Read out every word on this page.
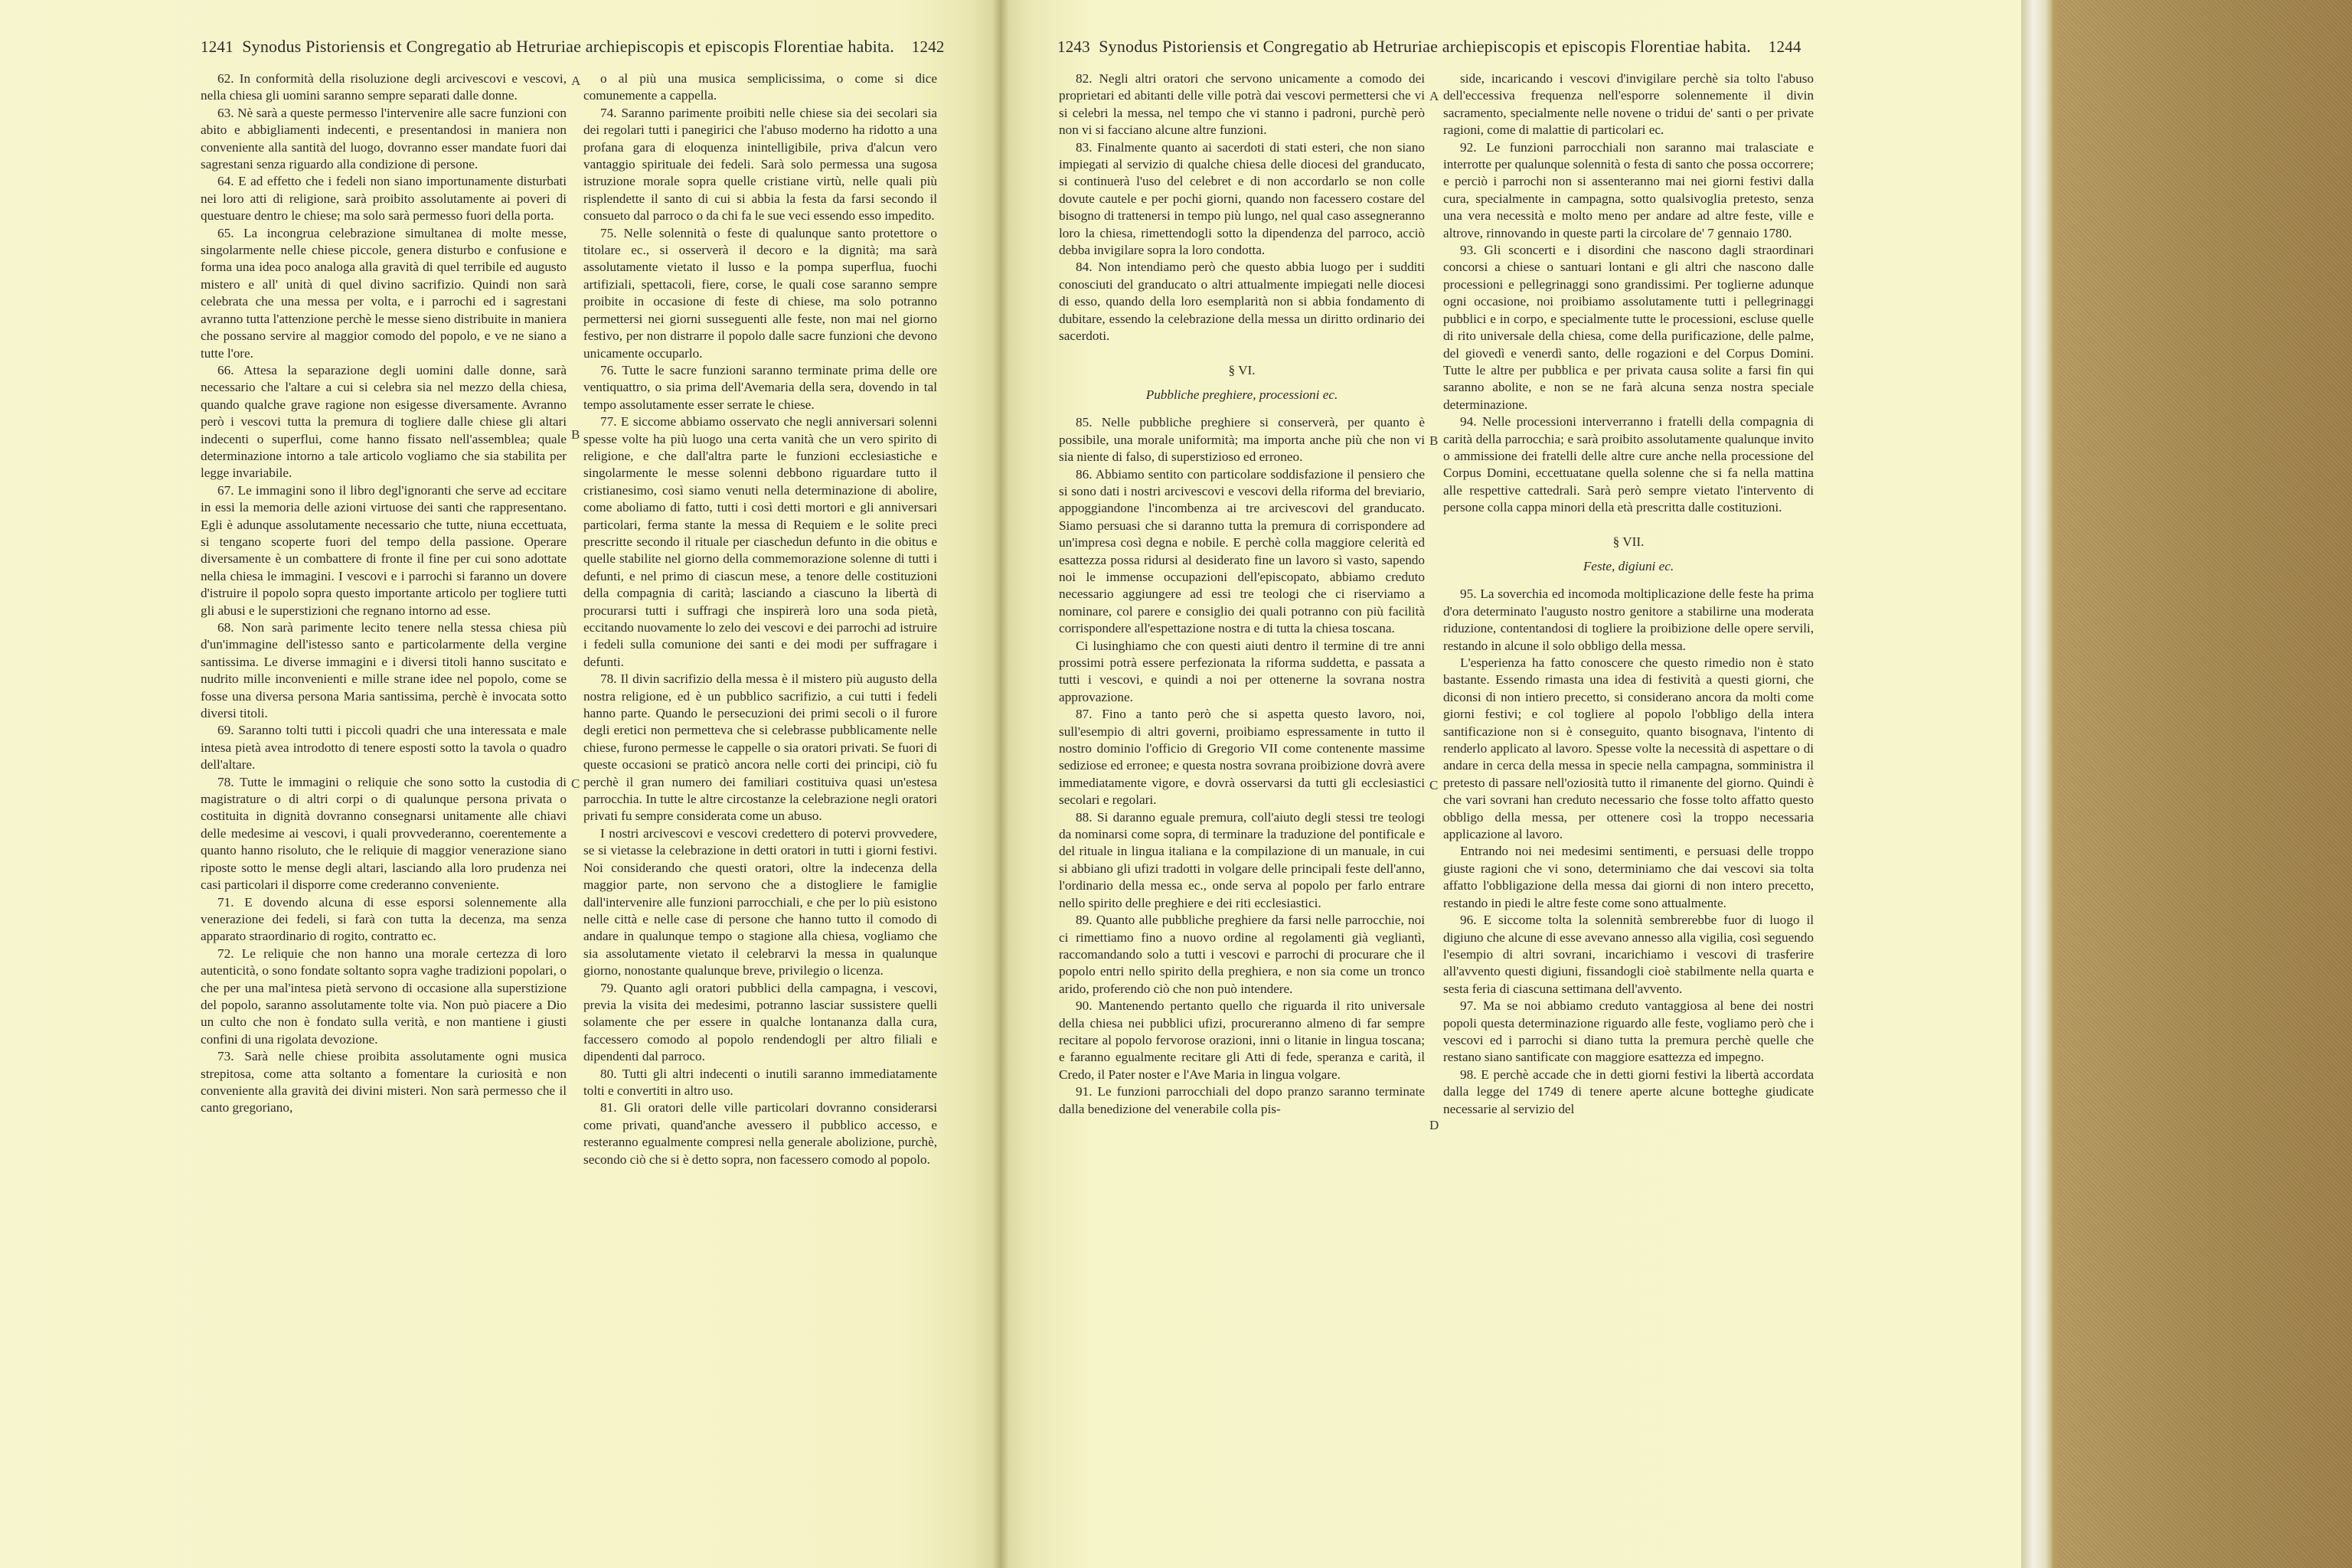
1241 Synodus Pistoriensis et Congregatio ab Hetruriae archiepiscopis et episcopis Florentiae habita. 1242

62. In conformità della risoluzione degli arcivescovi e vescovi, nella chiesa gli uomini saranno sempre separati dalle donne.

63. Nè sarà a queste permesso l'intervenire alle sacre funzioni con abito e abbigliamenti indecenti, e presentandosi in maniera non conveniente alla santità del luogo, dovranno esser mandate fuori dai sagrestani senza riguardo alla condizione di persone.

64. E ad effetto che i fedeli non siano importunamente disturbati nei loro atti di religione, sarà proibito assolutamente ai poveri di questuare dentro le chiese; ma solo sarà permesso fuori della porta.

65. La incongrua celebrazione simultanea di molte messe, singolarmente nelle chiese piccole, genera disturbo e confusione e forma una idea poco analoga alla gravità di quel terribile ed augusto mistero e all' unità di quel divino sacrifizio. Quindi non sarà celebrata che una messa per volta, e i parrochi ed i sagrestani avranno tutta l'attenzione perchè le messe sieno distribuite in maniera che possano servire al maggior comodo del popolo, e ve ne siano a tutte l'ore.

66. Attesa la separazione degli uomini dalle donne, sarà necessario che l'altare a cui si celebra sia nel mezzo della chiesa, quando qualche grave ragione non esigesse diversamente. Avranno però i vescovi tutta la premura di togliere dalle chiese gli altari indecenti o superflui, come hanno fissato nell'assemblea; quale determinazione intorno a tale articolo vogliamo che sia stabilita per legge invariabile.

67. Le immagini sono il libro degl'ignoranti che serve ad eccitare in essi la memoria delle azioni virtuose dei santi che rappresentano. Egli è adunque assolutamente necessario che tutte, niuna eccettuata, si tengano scoperte fuori del tempo della passione. Operare diversamente è un combattere di fronte il fine per cui sono adottate nella chiesa le immagini. I vescovi e i parrochi si faranno un dovere d'istruire il popolo sopra questo importante articolo per togliere tutti gli abusi e le superstizioni che regnano intorno ad esse.

68. Non sarà parimente lecito tenere nella stessa chiesa più d'un'immagine dell'istesso santo e particolarmente della vergine santissima. Le diverse immagini e i diversi titoli hanno suscitato e nudrito mille inconvenienti e mille strane idee nel popolo, come se fosse una diversa persona Maria santissima, perchè è invocata sotto diversi titoli.

69. Saranno tolti tutti i piccoli quadri che una interessata e male intesa pietà avea introdotto di tenere esposti sotto la tavola o quadro dell'altare.

78. Tutte le immagini o reliquie che sono sotto la custodia di magistrature o di altri corpi o di qualunque persona privata o costituita in dignità dovranno consegnarsi unitamente alle chiavi delle medesime ai vescovi, i quali provvederanno, coerentemente a quanto hanno risoluto, che le reliquie di maggior venerazione siano riposte sotto le mense degli altari, lasciando alla loro prudenza nei casi particolari il disporre come crederanno conveniente.

71. E dovendo alcuna di esse esporsi solennemente alla venerazione dei fedeli, si farà con tutta la decenza, ma senza apparato straordinario di rogito, contratto ec.

72. Le reliquie che non hanno una morale certezza di loro autenticità, o sono fondate soltanto sopra vaghe tradizioni popolari, o che per una mal'intesa pietà servono di occasione alla superstizione del popolo, saranno assolutamente tolte via. Non può piacere a Dio un culto che non è fondato sulla verità, e non mantiene i giusti confini di una rigolata devozione.

73. Sarà nelle chiese proibita assolutamente ogni musica strepitosa, come atta soltanto a fomentare la curiosità e non conveniente alla gravità dei divini misteri. Non sarà permesso che il canto gregoriano,

o al più una musica semplicissima, o come si dice comunemente a cappella.

74. Saranno parimente proibiti nelle chiese sia dei secolari sia dei regolari tutti i panegirici che l'abuso moderno ha ridotto a una profana gara di eloquenza inintelligibile, priva d'alcun vero vantaggio spirituale dei fedeli. Sarà solo permessa una sugosa istruzione morale sopra quelle cristiane virtù, nelle quali più risplendette il santo di cui si abbia la festa da farsi secondo il consueto dal parroco o da chi fa le sue veci essendo esso impedito.

75. Nelle solennità o feste di qualunque santo protettore o titolare ec., si osserverà il decoro e la dignità; ma sarà assolutamente vietato il lusso e la pompa superflua, fuochi artifiziali, spettacoli, fiere, corse, le quali cose saranno sempre proibite in occasione di feste di chiese, ma solo potranno permettersi nei giorni susseguenti alle feste, non mai nel giorno festivo, per non distrarre il popolo dalle sacre funzioni che devono unicamente occuparlo.

76. Tutte le sacre funzioni saranno terminate prima delle ore ventiquattro, o sia prima dell'Avemaria della sera, dovendo in tal tempo assolutamente esser serrate le chiese.

77. E siccome abbiamo osservato che negli anniversari solenni spesse volte ha più luogo una certa vanità che un vero spirito di religione, e che dall'altra parte le funzioni ecclesiastiche e singolarmente le messe solenni debbono riguardare tutto il cristianesimo, così siamo venuti nella determinazione di abolire, come aboliamo di fatto, tutti i così detti mortori e gli anniversari particolari, ferma stante la messa di Requiem e le solite preci prescritte secondo il rituale per ciaschedun defunto in die obitus e quelle stabilite nel giorno della commemorazione solenne di tutti i defunti, e nel primo di ciascun mese, a tenore delle costituzioni della compagnia di carità; lasciando a ciascuno la libertà di procurarsi tutti i suffragi che inspirerà loro una soda pietà, eccitando nuovamente lo zelo dei vescovi e dei parrochi ad istruire i fedeli sulla comunione dei santi e dei modi per suffragare i defunti.

78. Il divin sacrifizio della messa è il mistero più augusto della nostra religione, ed è un pubblico sacrifizio, a cui tutti i fedeli hanno parte. Quando le persecuzioni dei primi secoli o il furore degli eretici non permetteva che si celebrasse pubblicamente nelle chiese, furono permesse le cappelle o sia oratori privati. Se fuori di queste occasioni se praticò ancora nelle corti dei principi, ciò fu perchè il gran numero dei familiari costituiva quasi un'estesa parrocchia. In tutte le altre circostanze la celebrazione negli oratori privati fu sempre considerata come un abuso.

I nostri arcivescovi e vescovi credettero di potervi provvedere, se si vietasse la celebrazione in detti oratori in tutti i giorni festivi. Noi considerando che questi oratori, oltre la indecenza della maggior parte, non servono che a distogliere le famiglie dall'intervenire alle funzioni parrocchiali, e che per lo più esistono nelle città e nelle case di persone che hanno tutto il comodo di andare in qualunque tempo o stagione alla chiesa, vogliamo che sia assolutamente vietato il celebrarvi la messa in qualunque giorno, nonostante qualunque breve, privilegio o licenza.

79. Quanto agli oratori pubblici della campagna, i vescovi, previa la visita dei medesimi, potranno lasciar sussistere quelli solamente che per essere in qualche lontananza dalla cura, faccessero comodo al popolo rendendogli per altro filiali e dipendenti dal parroco.

80. Tutti gli altri indecenti o inutili saranno immediatamente tolti e convertiti in altro uso.

81. Gli oratori delle ville particolari dovranno considerarsi come privati, quand'anche avessero il pubblico accesso, e resteranno egualmente compresi nella generale abolizione, purchè, secondo ciò che si è detto sopra, non facessero comodo al popolo.

A
B
C
1243 Synodus Pistoriensis et Congregatio ab Hetruriae archiepiscopis et episcopis Florentiae habita. 1244

82. Negli altri oratori che servono unicamente a comodo dei proprietari ed abitanti delle ville potrà dai vescovi permettersi che vi si celebri la messa, nel tempo che vi stanno i padroni, purchè però non vi si facciano alcune altre funzioni.

83. Finalmente quanto ai sacerdoti di stati esteri, che non siano impiegati al servizio di qualche chiesa delle diocesi del granducato, si continuerà l'uso del celebret e di non accordarlo se non colle dovute cautele e per pochi giorni, quando non facessero costare del bisogno di trattenersi in tempo più lungo, nel qual caso assegneranno loro la chiesa, rimettendogli sotto la dipendenza del parroco, acciò debba invigilare sopra la loro condotta.

84. Non intendiamo però che questo abbia luogo per i sudditi conosciuti del granducato o altri attualmente impiegati nelle diocesi di esso, quando della loro esemplarità non si abbia fondamento di dubitare, essendo la celebrazione della messa un diritto ordinario dei sacerdoti.

§ VI.

Pubbliche preghiere, processioni ec.

85. Nelle pubbliche preghiere si conserverà, per quanto è possibile, una morale uniformità; ma importa anche più che non vi sia niente di falso, di superstizioso ed erroneo.

86. Abbiamo sentito con particolare soddisfazione il pensiero che si sono dati i nostri arcivescovi e vescovi della riforma del breviario, appoggiandone l'incombenza ai tre arcivescovi del granducato. Siamo persuasi che si daranno tutta la premura di corrispondere ad un'impresa così degna e nobile. E perchè colla maggiore celerità ed esattezza possa ridursi al desiderato fine un lavoro sì vasto, sapendo noi le immense occupazioni dell'episcopato, abbiamo creduto necessario aggiungere ad essi tre teologi che ci riserviamo a nominare, col parere e consiglio dei quali potranno con più facilità corrispondere all'espettazione nostra e di tutta la chiesa toscana.

Ci lusinghiamo che con questi aiuti dentro il termine di tre anni prossimi potrà essere perfezionata la riforma suddetta, e passata a tutti i vescovi, e quindi a noi per ottenerne la sovrana nostra approvazione.

87. Fino a tanto però che si aspetta questo lavoro, noi, sull'esempio di altri governi, proibiamo espressamente in tutto il nostro dominio l'officio di Gregorio VII come contenente massime sediziose ed erronee; e questa nostra sovrana proibizione dovrà avere immediatamente vigore, e dovrà osservarsi da tutti gli ecclesiastici secolari e regolari.

88. Si daranno eguale premura, coll'aiuto degli stessi tre teologi da nominarsi come sopra, di terminare la traduzione del pontificale e del rituale in lingua italiana e la compilazione di un manuale, in cui si abbiano gli ufizi tradotti in volgare delle principali feste dell'anno, l'ordinario della messa ec., onde serva al popolo per farlo entrare nello spirito delle preghiere e dei riti ecclesiastici.

89. Quanto alle pubbliche preghiere da farsi nelle parrocchie, noi ci rimettiamo fino a nuovo ordine al regolamenti già vegliantì, raccomandando solo a tutti i vescovi e parrochi di procurare che il popolo entri nello spirito della preghiera, e non sia come un tronco arido, proferendo ciò che non può intendere.

90. Mantenendo pertanto quello che riguarda il rito universale della chiesa nei pubblici ufizi, procureranno almeno di far sempre recitare al popolo fervorose orazioni, inni o litanie in lingua toscana; e faranno egualmente recitare gli Atti di fede, speranza e carità, il Credo, il Pater noster e l'Ave Maria in lingua volgare.

91. Le funzioni parrocchiali del dopo pranzo saranno terminate dalla benedizione del venerabile colla pis-

side, incaricando i vescovi d'invigilare perchè sia tolto l'abuso dell'eccessiva frequenza nell'esporre solennemente il divin sacramento, specialmente nelle novene o tridui de' santi o per private ragioni, come di malattie di particolari ec.

92. Le funzioni parrocchiali non saranno mai tralasciate e interrotte per qualunque solennità o festa di santo che possa occorrere; e perciò i parrochi non si assenteranno mai nei giorni festivi dalla cura, specialmente in campagna, sotto qualsivoglia pretesto, senza una vera necessità e molto meno per andare ad altre feste, ville e altrove, rinnovando in queste parti la circolare de' 7 gennaio 1780.

93. Gli sconcerti e i disordini che nascono dagli straordinari concorsi a chiese o santuari lontani e gli altri che nascono dalle processioni e pellegrinaggi sono grandissimi. Per toglierne adunque ogni occasione, noi proibiamo assolutamente tutti i pellegrinaggi pubblici e in corpo, e specialmente tutte le processioni, escluse quelle di rito universale della chiesa, come della purificazione, delle palme, del giovedì e venerdì santo, delle rogazioni e del Corpus Domini. Tutte le altre per pubblica e per privata causa solite a farsi fin qui saranno abolite, e non se ne farà alcuna senza nostra speciale determinazione.

94. Nelle processioni interverranno i fratelli della compagnia di carità della parrocchia; e sarà proibito assolutamente qualunque invito o ammissione dei fratelli delle altre cure anche nella processione del Corpus Domini, eccettuatane quella solenne che si fa nella mattina alle respettive cattedrali. Sarà però sempre vietato l'intervento di persone colla cappa minori della età prescritta dalle costituzioni.

§ VII.

Feste, digiuni ec.

95. La soverchia ed incomoda moltiplicazione delle feste ha prima d'ora determinato l'augusto nostro genitore a stabilirne una moderata riduzione, contentandosi di togliere la proibizione delle opere servili, restando in alcune il solo obbligo della messa.

L'esperienza ha fatto conoscere che questo rimedio non è stato bastante. Essendo rimasta una idea di festività a questi giorni, che diconsi di non intiero precetto, si considerano ancora da molti come giorni festivi; e col togliere al popolo l'obbligo della intera santificazione non si è conseguito, quanto bisognava, l'intento di renderlo applicato al lavoro. Spesse volte la necessità di aspettare o di andare in cerca della messa in specie nella campagna, somministra il pretesto di passare nell'oziosità tutto il rimanente del giorno. Quindi è che vari sovrani han creduto necessario che fosse tolto affatto questo obbligo della messa, per ottenere così la troppo necessaria applicazione al lavoro.

Entrando noi nei medesimi sentimenti, e persuasi delle troppo giuste ragioni che vi sono, determiniamo che dai vescovi sia tolta affatto l'obbligazione della messa dai giorni di non intero precetto, restando in piedi le altre feste come sono attualmente.

96. E siccome tolta la solennità sembrerebbe fuor di luogo il digiuno che alcune di esse avevano annesso alla vigilia, così seguendo l'esempio di altri sovrani, incarichiamo i vescovi di trasferire all'avvento questi digiuni, fissandogli cioè stabilmente nella quarta e sesta feria di ciascuna settimana dell'avvento.

97. Ma se noi abbiamo creduto vantaggiosa al bene dei nostri popoli questa determinazione riguardo alle feste, vogliamo però che i vescovi ed i parrochi si diano tutta la premura perchè quelle che restano siano santificate con maggiore esattezza ed impegno.

98. E perchè accade che in detti giorni festivi la libertà accordata dalla legge del 1749 di tenere aperte alcune botteghe giudicate necessarie al servizio del

A
B
C
D
